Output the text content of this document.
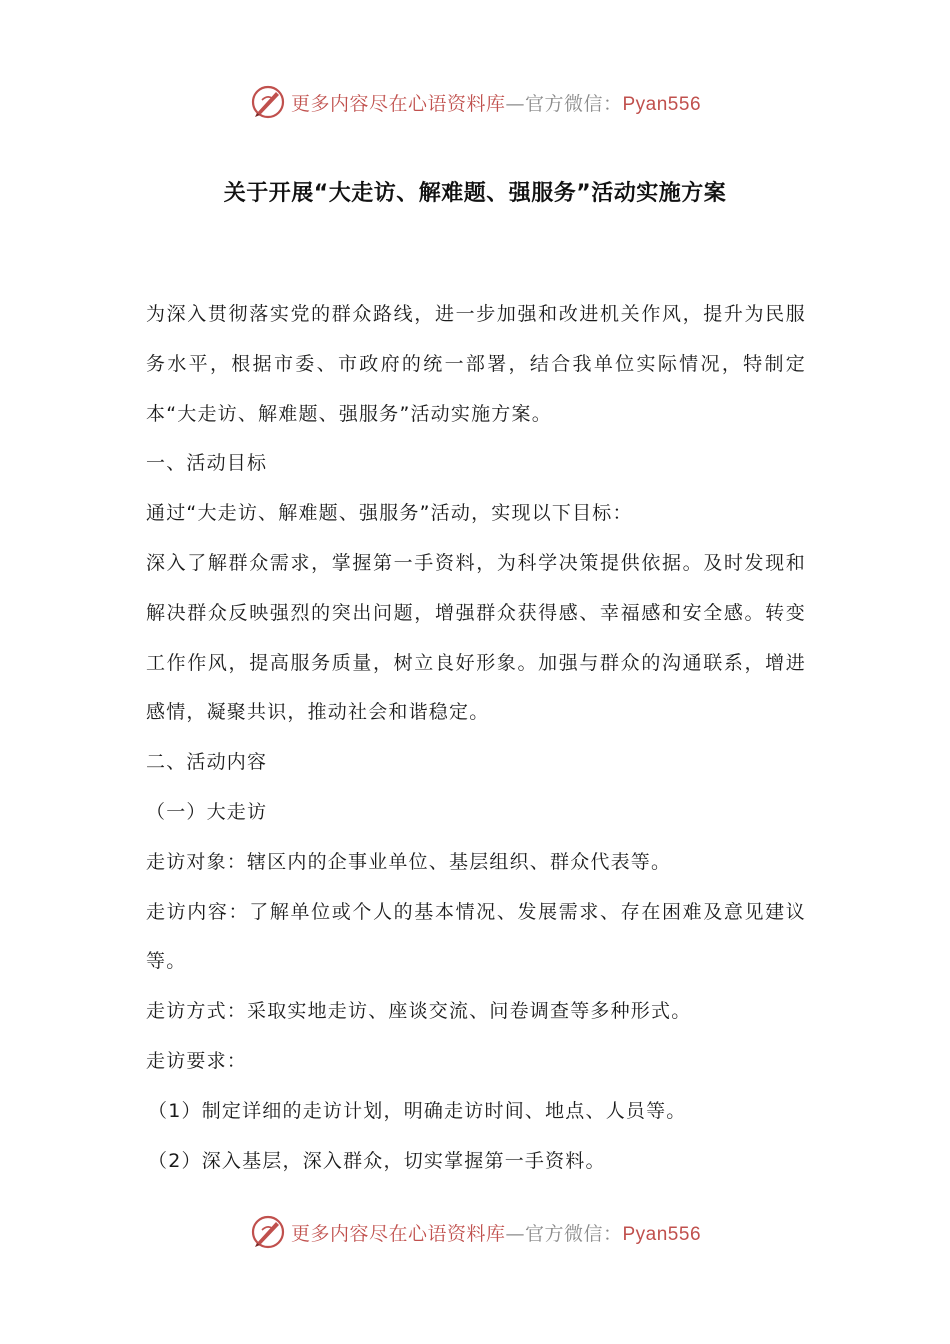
更多内容尽在心语资料库—官方微信：Pyan556
关于开展“大走访、解难题、强服务”活动实施方案

为深入贯彻落实党的群众路线，进一步加强和改进机关作风，提升为民服务水平，根据市委、市政府的统一部署，结合我单位实际情况，特制定本“大走访、解难题、强服务”活动实施方案。

一、活动目标

通过“大走访、解难题、强服务”活动，实现以下目标：

深入了解群众需求，掌握第一手资料，为科学决策提供依据。及时发现和解决群众反映强烈的突出问题，增强群众获得感、幸福感和安全感。转变工作作风，提高服务质量，树立良好形象。加强与群众的沟通联系，增进感情，凝聚共识，推动社会和谐稳定。

二、活动内容

（一）大走访

走访对象：辖区内的企事业单位、基层组织、群众代表等。

走访内容：了解单位或个人的基本情况、发展需求、存在困难及意见建议等。

走访方式：采取实地走访、座谈交流、问卷调查等多种形式。

走访要求：

（1）制定详细的走访计划，明确走访时间、地点、人员等。

（2）深入基层，深入群众，切实掌握第一手资料。

更多内容尽在心语资料库—官方微信：Pyan556
